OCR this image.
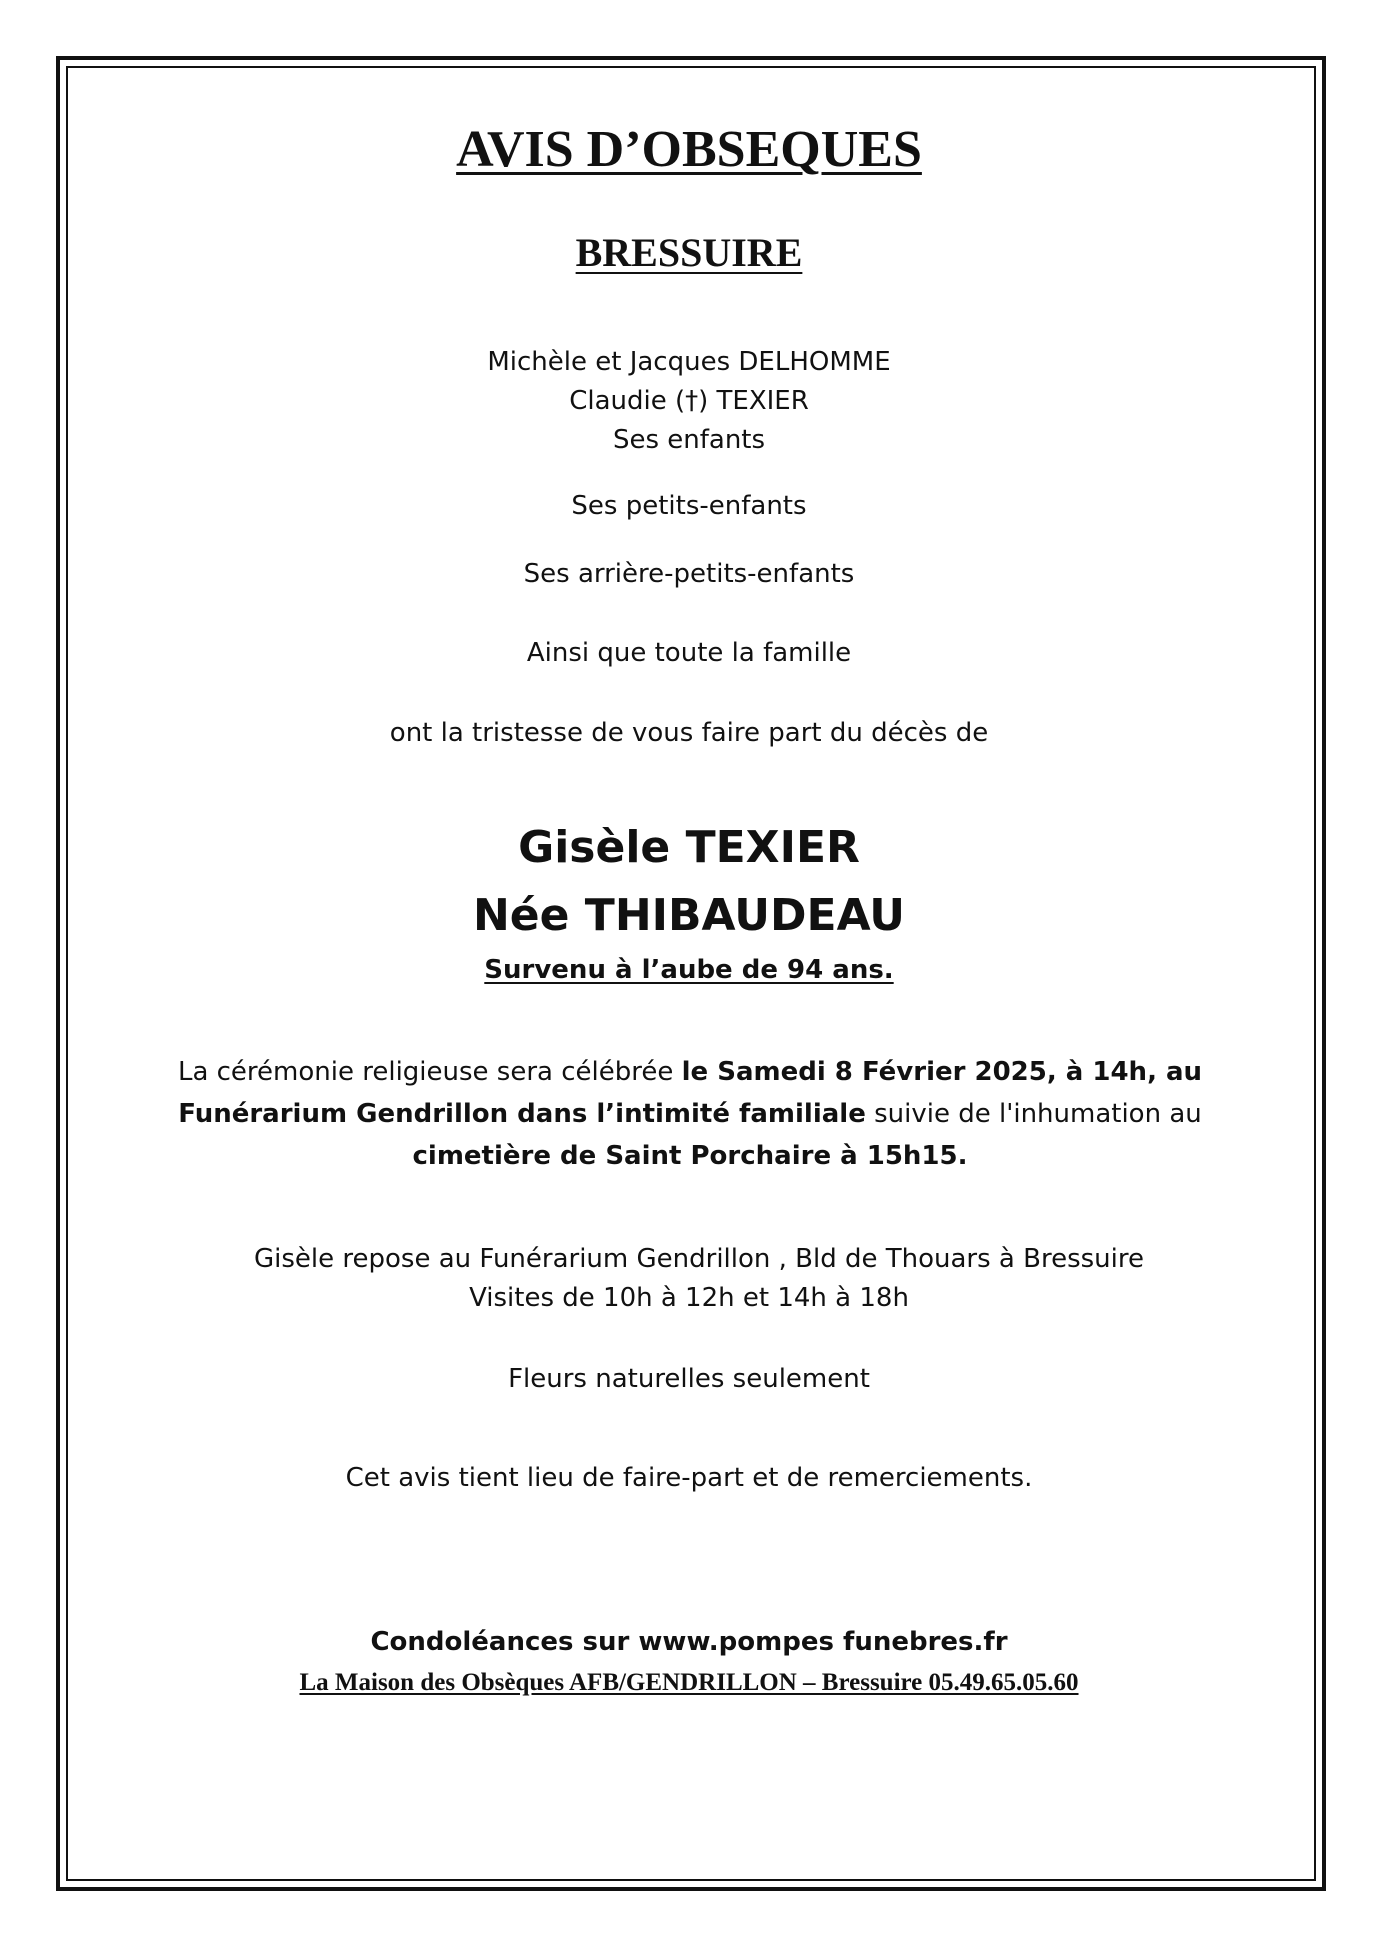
AVIS D’OBSEQUES
BRESSUIRE
Michèle et Jacques DELHOMME
Claudie (†) TEXIER
Ses enfants
Ses petits-enfants
Ses arrière-petits-enfants
Ainsi que toute la famille
ont la tristesse de vous faire part du décès de
Gisèle TEXIER
Née THIBAUDEAU
Survenu à l’aube de 94 ans.
La cérémonie religieuse sera célébrée le Samedi 8 Février 2025, à 14h, au Funérarium Gendrillon dans l’intimité familiale suivie de l'inhumation au cimetière de Saint Porchaire à 15h15.
Gisèle repose au Funérarium Gendrillon , Bld de Thouars à Bressuire
Visites de 10h à 12h et 14h à 18h
Fleurs naturelles seulement
Cet avis tient lieu de faire-part et de remerciements.
Condoléances sur www.pompes funebres.fr
La Maison des Obsèques AFB/GENDRILLON – Bressuire 05.49.65.05.60
